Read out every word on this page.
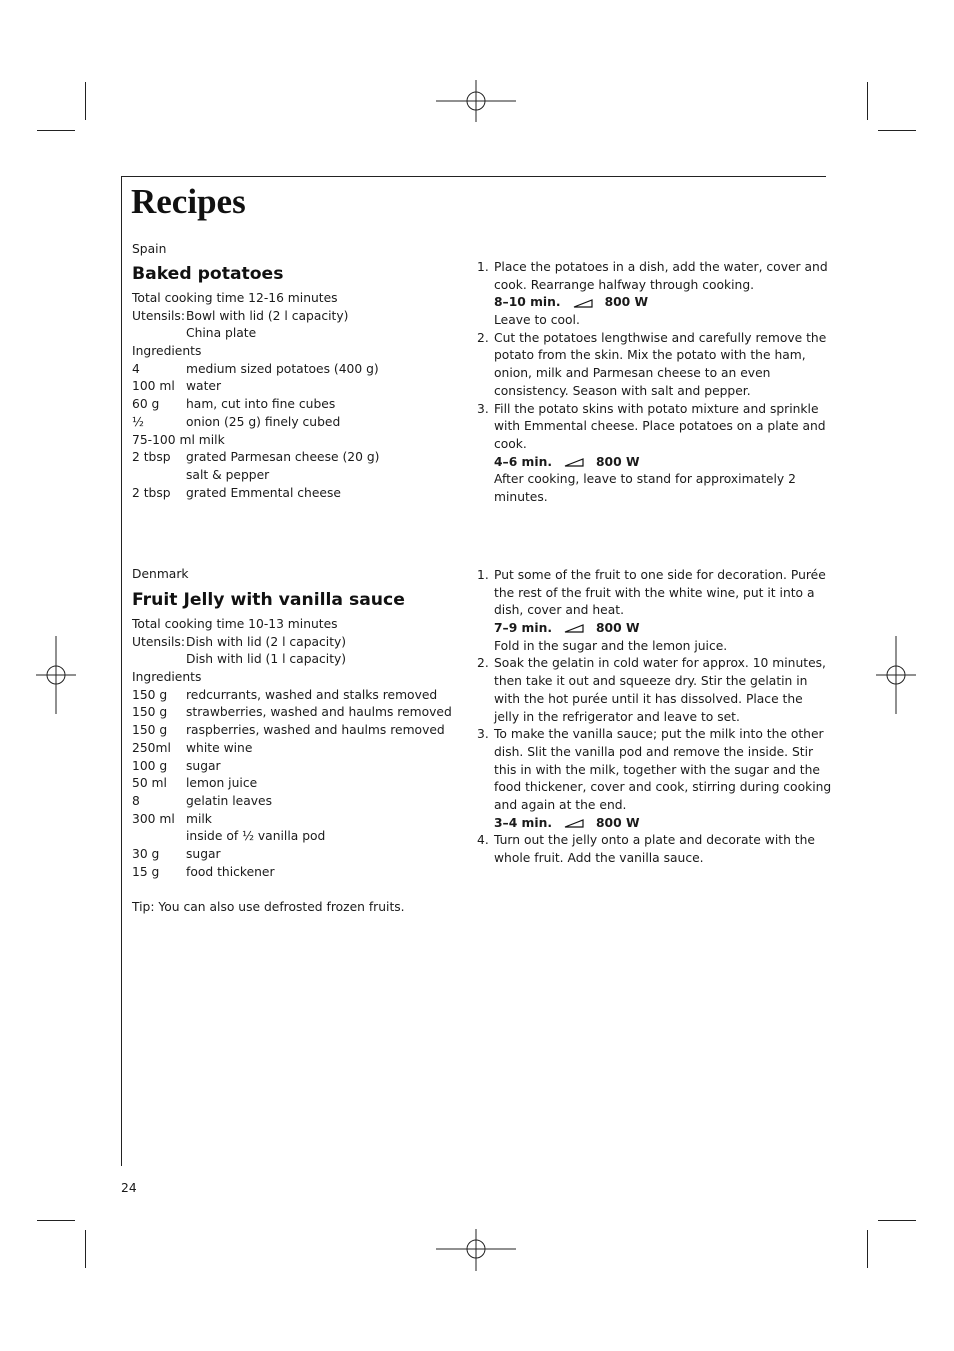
Recipes
Spain
Baked potatoes
Total cooking time 12-16 minutes
Utensils: Bowl with lid (2 l capacity)
China plate
Ingredients
4	medium sized potatoes (400 g)
100 ml water
60 g	ham, cut into fine cubes
½	onion (25 g) finely cubed
75-100 ml milk
2 tbsp	grated Parmesan cheese (20 g)
salt & pepper
2 tbsp	grated Emmental cheese
1. Place the potatoes in a dish, add the water, cover and
cook. Rearrange halfway through cooking.
8–10 min.	800 W
Leave to cool.
2. Cut the potatoes lengthwise and carefully remove the
potato from the skin. Mix the potato with the ham,
onion, milk and Parmesan cheese to an even
consistency. Season with salt and pepper.
3. Fill the potato skins with potato mixture and sprinkle
with Emmental cheese. Place potatoes on a plate and
cook.
4–6 min.	800 W
After cooking, leave to stand for approximately 2
minutes.
Denmark
Fruit Jelly with vanilla sauce
Total cooking time 10-13 minutes
Utensils: Dish with lid (2 l capacity)
Dish with lid (1 l capacity)
Ingredients
150 g	redcurrants, washed and stalks removed
150 g	strawberries, washed and haulms removed
150 g	raspberries, washed and haulms removed
250ml	white wine
100 g	sugar
50 ml	lemon juice
8	gelatin leaves
300 ml milk
inside of ½ vanilla pod
30 g	sugar
15 g	food thickener
Tip: You can also use defrosted frozen fruits.
1. Put some of the fruit to one side for decoration. Purée
the rest of the fruit with the white wine, put it into a
dish, cover and heat.
7–9 min.	800 W
Fold in the sugar and the lemon juice.
2. Soak the gelatin in cold water for approx. 10 minutes,
then take it out and squeeze dry. Stir the gelatin in
with the hot purée until it has dissolved. Place the
jelly in the refrigerator and leave to set.
3. To make the vanilla sauce; put the milk into the other
dish. Slit the vanilla pod and remove the inside. Stir
this in with the milk, together with the sugar and the
food thickener, cover and cook, stirring during cooking
and again at the end.
3–4 min.	800 W
4. Turn out the jelly onto a plate and decorate with the
whole fruit. Add the vanilla sauce.
24
